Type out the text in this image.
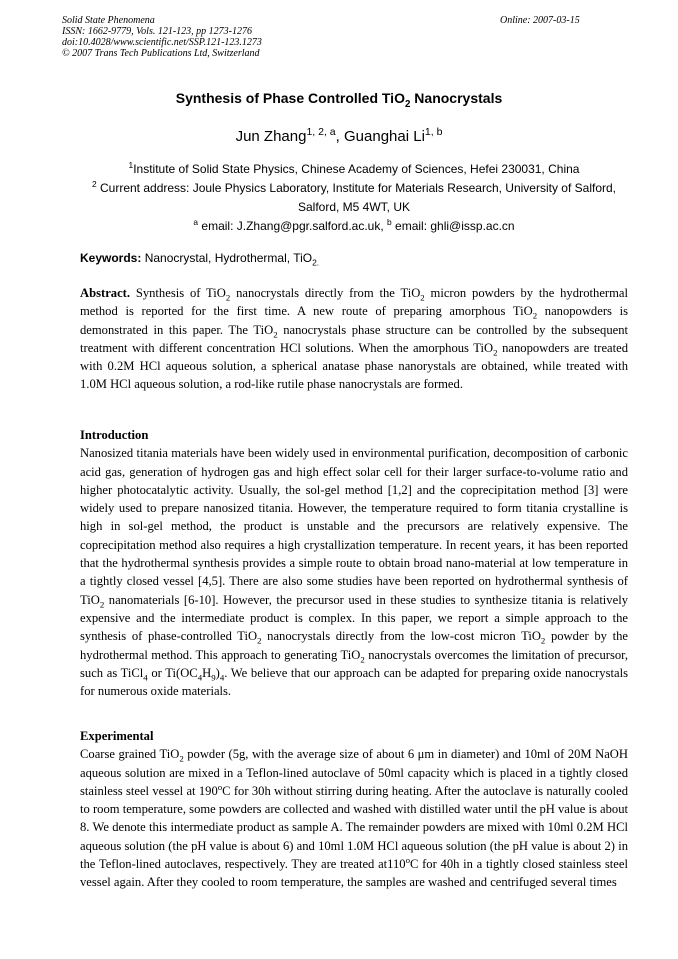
Solid State Phenomena
ISSN: 1662-9779, Vols. 121-123, pp 1273-1276
doi:10.4028/www.scientific.net/SSP.121-123.1273
© 2007 Trans Tech Publications Ltd, Switzerland
Online: 2007-03-15
Synthesis of Phase Controlled TiO$_2$ Nanocrystals
Jun Zhang$^{1, 2, a}$, Guanghai Li$^{1, b}$
$^1$Institute of Solid State Physics, Chinese Academy of Sciences, Hefei 230031, China
$^2$ Current address: Joule Physics Laboratory, Institute for Materials Research, University of Salford, Salford, M5 4WT, UK
$^a$ email: J.Zhang@pgr.salford.ac.uk, $^b$ email: ghli@issp.ac.cn
Keywords: Nanocrystal, Hydrothermal, TiO$_{2.}$
Abstract. Synthesis of TiO$_2$ nanocrystals directly from the TiO$_2$ micron powders by the hydrothermal method is reported for the first time. A new route of preparing amorphous TiO$_2$ nanopowders is demonstrated in this paper. The TiO$_2$ nanocrystals phase structure can be controlled by the subsequent treatment with different concentration HCl solutions. When the amorphous TiO$_2$ nanopowders are treated with 0.2M HCl aqueous solution, a spherical anatase phase nanorystals are obtained, while treated with 1.0M HCl aqueous solution, a rod-like rutile phase nanocrystals are formed.
Introduction
Nanosized titania materials have been widely used in environmental purification, decomposition of carbonic acid gas, generation of hydrogen gas and high effect solar cell for their larger surface-to-volume ratio and higher photocatalytic activity. Usually, the sol-gel method [1,2] and the coprecipitation method [3] were widely used to prepare nanosized titania. However, the temperature required to form titania crystalline is high in sol-gel method, the product is unstable and the precursors are relatively expensive. The coprecipitation method also requires a high crystallization temperature. In recent years, it has been reported that the hydrothermal synthesis provides a simple route to obtain broad nano-material at low temperature in a tightly closed vessel [4,5]. There are also some studies have been reported on hydrothermal synthesis of TiO$_2$ nanomaterials [6-10]. However, the precursor used in these studies to synthesize titania is relatively expensive and the intermediate product is complex. In this paper, we report a simple approach to the synthesis of phase-controlled TiO$_2$ nanocrystals directly from the low-cost micron TiO$_2$ powder by the hydrothermal method. This approach to generating TiO$_2$ nanocrystals overcomes the limitation of precursor, such as TiCl$_4$ or $Ti(OC_4H_9)_4$. We believe that our approach can be adapted for preparing oxide nanocrystals for numerous oxide materials.
Experimental
Coarse grained TiO$_2$ powder (5g, with the average size of about 6 μm in diameter) and 10ml of 20M NaOH aqueous solution are mixed in a Teflon-lined autoclave of 50ml capacity which is placed in a tightly closed stainless steel vessel at 190$^o$C for 30h without stirring during heating. After the autoclave is naturally cooled to room temperature, some powders are collected and washed with distilled water until the pH value is about 8. We denote this intermediate product as sample A. The remainder powders are mixed with 10ml 0.2M HCl aqueous solution (the pH value is about 6) and 10ml 1.0M HCl aqueous solution (the pH value is about 2) in the Teflon-lined autoclaves, respectively. They are treated at110$^o$C for 40h in a tightly closed stainless steel vessel again. After they cooled to room temperature, the samples are washed and centrifuged several times
